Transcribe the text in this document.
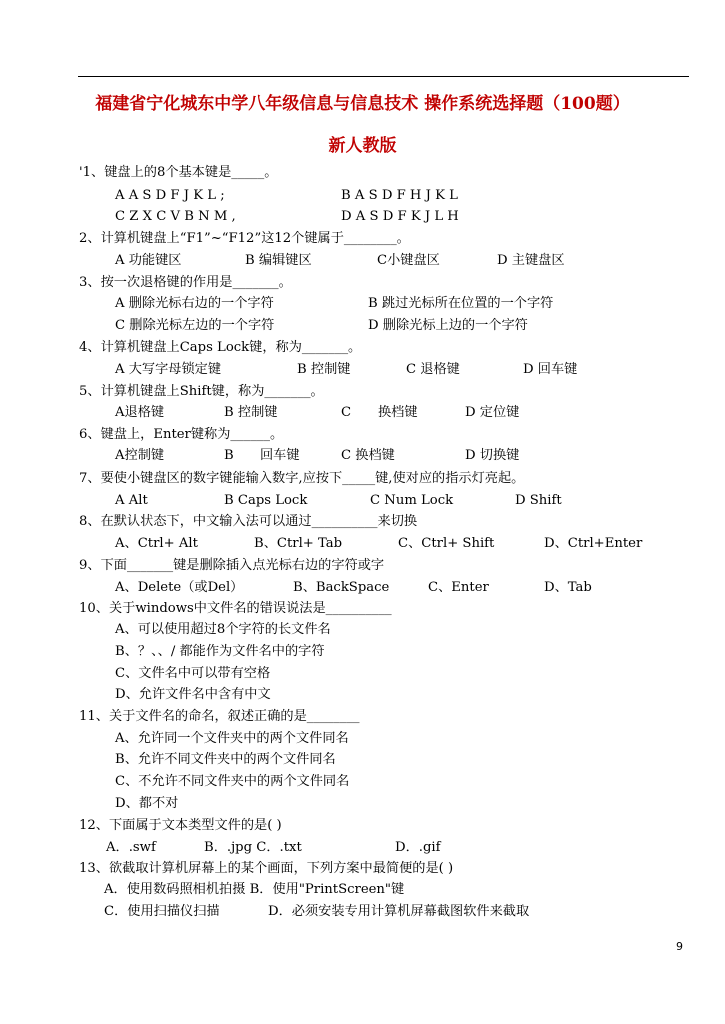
福建省宁化城东中学八年级信息与信息技术 操作系统选择题（100题）
新人教版
'1、键盘上的8个基本键是_____。
A A S D F J K L ;	B A S D F H J K L
C Z X C V B N M ,	D A S D F K J L H
2、计算机键盘上“F1”~“F12”这12个键属于________。
A 功能键区	B 编辑键区	C小键盘区	D 主键盘区
3、按一次退格键的作用是_______。
A 删除光标右边的一个字符	B 跳过光标所在位置的一个字符
C 删除光标左边的一个字符	D 删除光标上边的一个字符
4、计算机键盘上Caps Lock键，称为_______。
A 大写字母锁定键	B 控制键	C 退格键	D 回车键
5、计算机键盘上Shift键，称为_______。
A退格键	B 控制键	C 换档键	D 定位键
6、键盘上，Enter键称为______。
A控制键	B 回车键	C 换档键	D 切换键
7、要使小键盘区的数字键能输入数字,应按下_____键,使对应的指示灯亮起。
A Alt	B Caps Lock	C Num Lock	D Shift
8、在默认状态下，中文输入法可以通过__________来切换
A、Ctrl+ Alt	B、Ctrl+ Tab	C、Ctrl+ Shift	D、Ctrl+Enter
9、下面_______键是删除插入点光标右边的字符或字
A、Delete（或Del）	B、BackSpace	C、Enter	D、Tab
10、关于windows中文件名的错误说法是__________
A、可以使用超过8个字符的长文件名
B、？、、/ 都能作为文件名中的字符
C、文件名中可以带有空格
D、允许文件名中含有中文
11、关于文件名的命名，叙述正确的是________
A、允许同一个文件夹中的两个文件同名
B、允许不同文件夹中的两个文件同名
C、不允许不同文件夹中的两个文件同名
D、都不对
12、下面属于文本类型文件的是( )
A．.swf	B．.jpg C．.txt	D．.gif
13、欲截取计算机屏幕上的某个画面，下列方案中最简便的是( )
A．使用数码照相机拍摄 B．使用"PrintScreen"键
C．使用扫描仪扫描	D．必须安装专用计算机屏幕截图软件来截取
9
